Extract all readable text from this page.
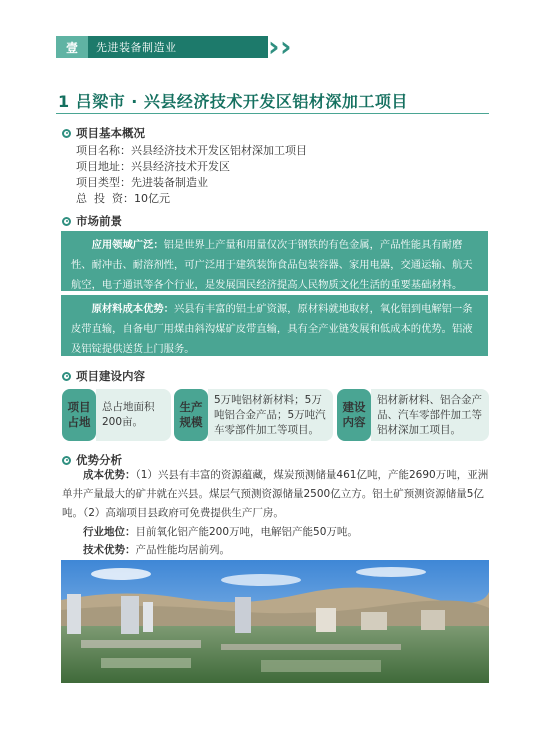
壹	先进装备制造业	› ›
1 吕梁市 · 兴县经济技术开发区铝材深加工项目
项目基本概况
项目名称：兴县经济技术开发区铝材深加工项目
项目地址：兴县经济技术开发区
项目类型：先进装备制造业
总  投  资：10亿元
市场前景
应用领域广泛：铝是世界上产量和用量仅次于钢铁的有色金属，产品性能具有耐磨性、耐冲击、耐溶剂性，可广泛用于建筑装饰食品包装容器、家用电器，交通运输、航天航空，电子通讯等各个行业，是发展国民经济提高人民物质文化生活的重要基础材料。
原材料成本优势：兴县有丰富的铝土矿资源，原材料就地取材，氧化铝到电解铝一条皮带直输，自备电厂用煤由斜沟煤矿皮带直输，具有全产业链发展和低成本的优势。铝液及铝锭提供送货上门服务。
项目建设内容
项目
占地
总占地面积200亩。
生产
规模
5万吨铝材新材料；5万吨铝合金产品；5万吨汽车零部件加工等项目。
建设
内容
铝材新材料、铝合金产品、汽车零部件加工等铝材深加工项目。
优势分析
成本优势：（1）兴县有丰富的资源蕴藏，煤炭预测储量461亿吨，产能2690万吨，亚洲单井产量最大的矿井就在兴县。煤层气预测资源储量2500亿立方。铝土矿预测资源储量5亿吨。（2）高端项目县政府可免费提供生产厂房。
行业地位：目前氧化铝产能200万吨，电解铝产能50万吨。
技术优势：产品性能均居前列。
